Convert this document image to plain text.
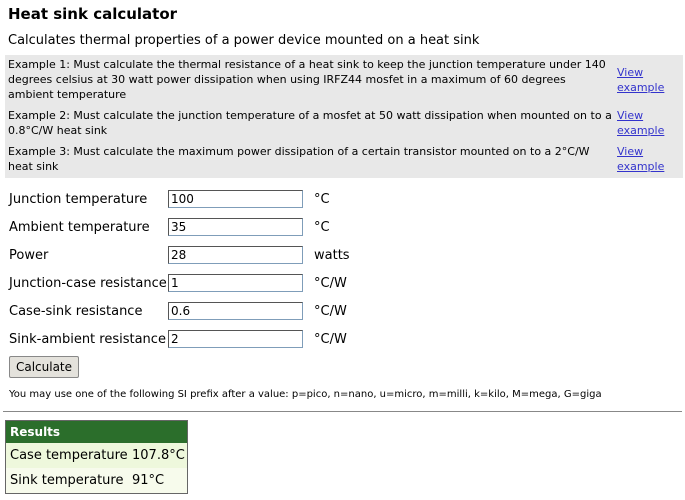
Heat sink calculator
Calculates thermal properties of a power device mounted on a heat sink
Example 1: Must calculate the thermal resistance of a heat sink to keep the junction temperature under 140 degrees celsius at 30 watt power dissipation when using IRFZ44 mosfet in a maximum of 60 degrees ambient temperature
View example
Example 2: Must calculate the junction temperature of a mosfet at 50 watt dissipation when mounted on to a 0.8°C/W heat sink
View example
Example 3: Must calculate the maximum power dissipation of a certain transistor mounted on to a 2°C/W heat sink
View example
Junction temperature
100	°C
Ambient temperature
35	°C
Power
28	watts
Junction-case resistance
1	°C/W
Case-sink resistance
0.6	°C/W
Sink-ambient resistance
2	°C/W
Calculate
You may use one of the following SI prefix after a value: p=pico, n=nano, u=micro, m=milli, k=kilo, M=mega, G=giga
Results
Case temperature 107.8°C
Sink temperature 91°C
